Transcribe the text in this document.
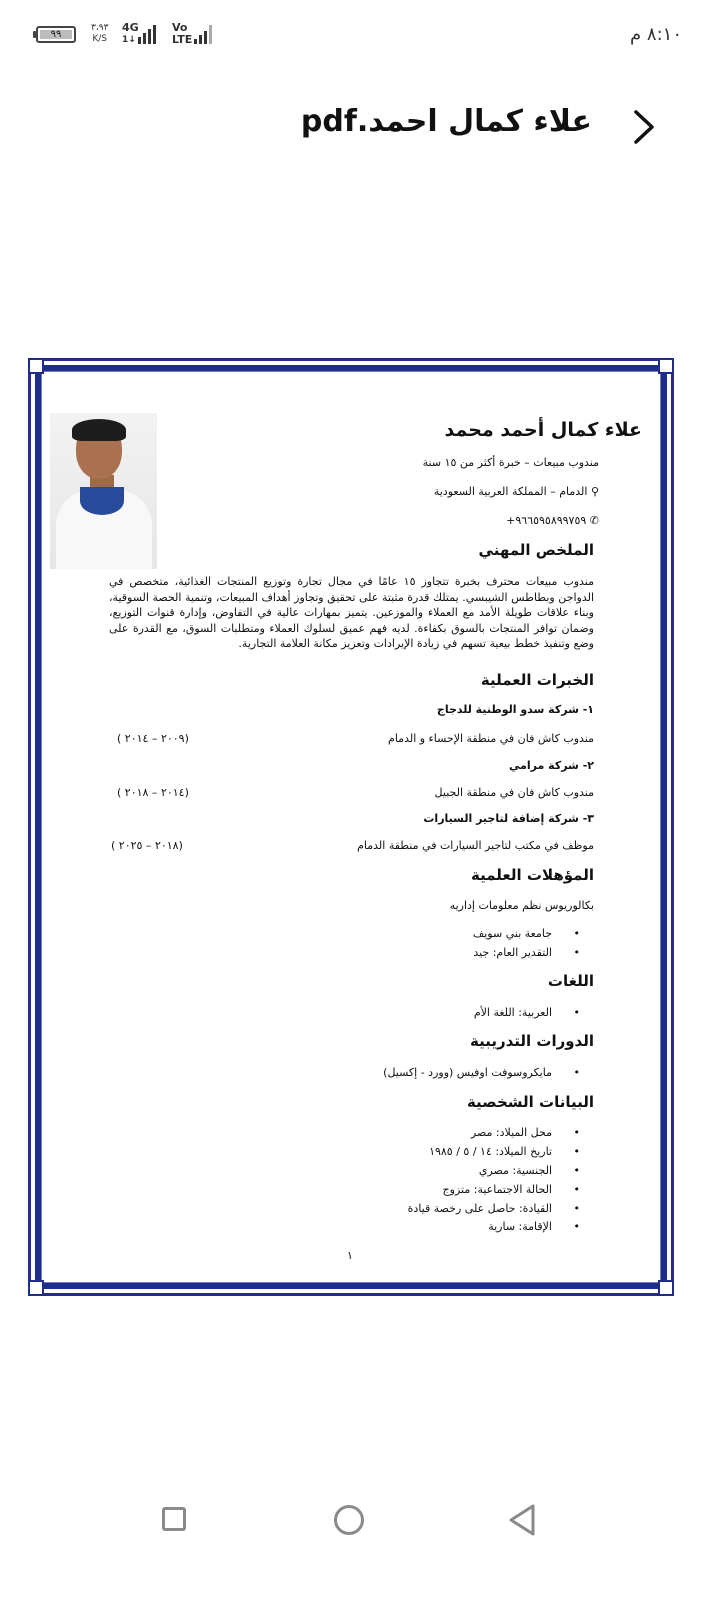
٩٩
٣،٩٣
K/S
4G
1↓
Vo
LTE	٨:١٠ م
علاء كمال احمد.pdf
علاء كمال أحمد محمد
مندوب مبيعات – خبرة أكثر من ١٥ سنة
⚲ الدمام – المملكة العربية السعودية
✆ +٩٦٦٥٩٥٨٩٩٧٥٩
الملخص المهني
مندوب مبيعات محترف بخبرة تتجاوز ١٥ عامًا في مجال تجارة وتوزيع المنتجات الغذائية، متخصص في الدواجن وبطاطس الشيبسي. يمتلك قدرة مثبتة على تحقيق وتجاوز أهداف المبيعات، وتنمية الحصة السوقية، وبناء علاقات طويلة الأمد مع العملاء والموزعين. يتميز بمهارات عالية في التفاوض، وإدارة قنوات التوزيع، وضمان توافر المنتجات بالسوق بكفاءة. لديه فهم عميق لسلوك العملاء ومتطلبات السوق، مع القدرة على وضع وتنفيذ خطط بيعية تسهم في زيادة الإيرادات وتعزيز مكانة العلامة التجارية.
الخبرات العملية
١- شركة سدو الوطنية للدجاج
مندوب كاش فان في منطقة الإحساء و الدمام
(٢٠٠٩ – ٢٠١٤ )
٢- شركة مرامي
مندوب كاش فان في منطقة الجبيل
(٢٠١٤ – ٢٠١٨ )
٣- شركة إضافة لتاجير السيارات
موظف في مكتب لتاجير السيارات في منطقة الدمام
(٢٠١٨ – ٢٠٢٥ )
المؤهلات العلمية
بكالوريوس نظم معلومات إداريه
• جامعة بني سويف
• التقدير العام: جيد
اللغات
• العربية: اللغة الأم
الدورات التدريبية
• مايكروسوفت اوفيس (وورد - إكسيل)
البيانات الشخصية
• محل الميلاد: مصر
• تاريخ الميلاد: ١٤ / ٥ / ١٩٨٥
• الجنسية: مصري
• الحالة الاجتماعية: متزوج
• القيادة: حاصل على رخصة قيادة
• الإقامة: سارية
١
